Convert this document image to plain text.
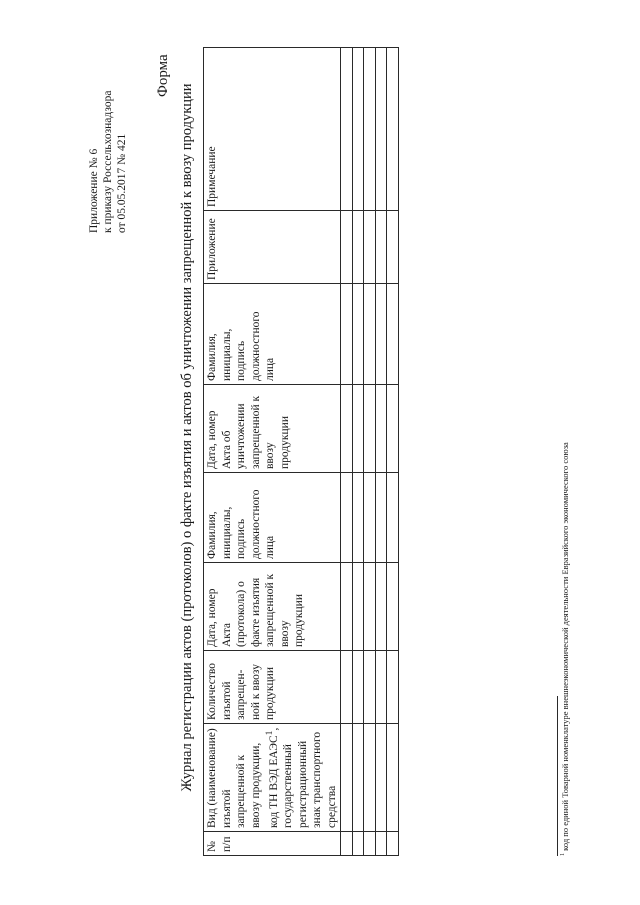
Приложение № 6 к приказу Россельхознадзора от 05.05.2017 № 421
Форма
Журнал регистрации актов (протоколов) о факте изъятия и актов об уничтожении запрещенной к ввозу продукции
№ п/п	Вид (наименование) изъятой запрещенной к ввозу продукции, код ТН ВЭД ЕАЭС$^1$, государственный регистрационный знак транспортного средства	Количество изъятой запрещен-ной к ввозу продукции	Дата, номер Акта (протокола) о факте изъятия запрещенной к ввозу продукции	Фамилия, инициалы, подпись должностного лица	Дата, номер Акта об уничтожении запрещенной к ввозу продукции	Фамилия, инициалы, подпись должностного лица	Приложение	Примечание

$^1$ код по единой Товарной номенклатуре внешнеэкономической деятельности Евразийского экономического союза
